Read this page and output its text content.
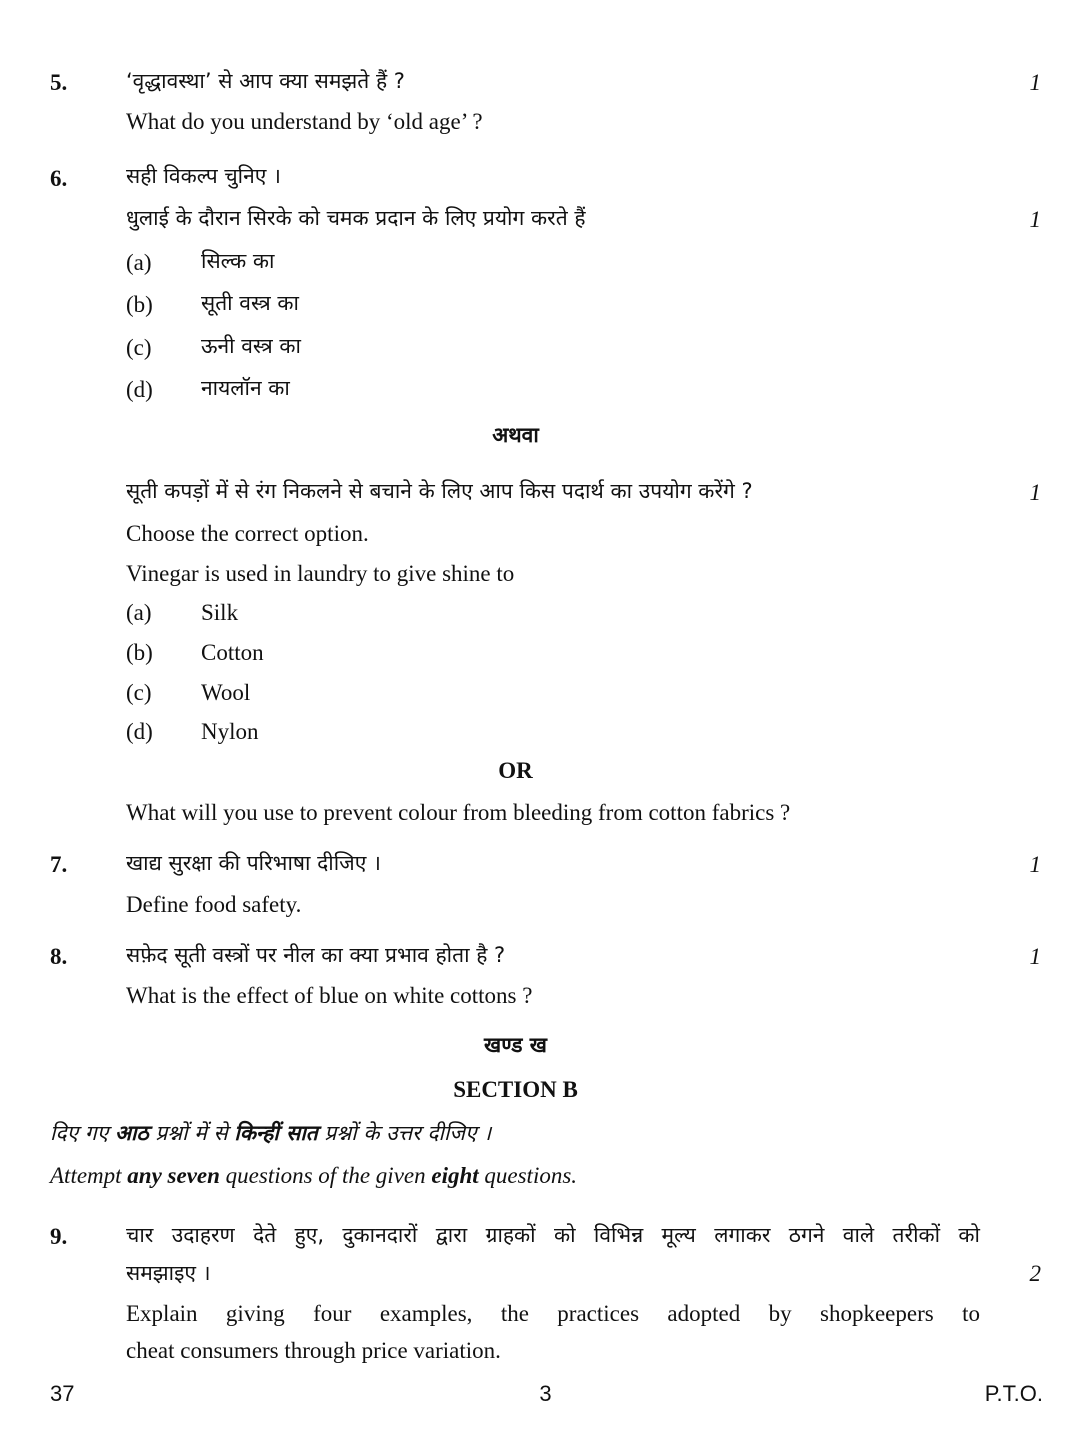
5.	‘वृद्धावस्था’ से आप क्या समझते हैं ?	1
What do you understand by ‘old age’ ?
6.	सही विकल्प चुनिए ।
धुलाई के दौरान सिरके को चमक प्रदान के लिए प्रयोग करते हैं	1
(a) सिल्क का
(b) सूती वस्त्र का
(c) ऊनी वस्त्र का
(d) नायलॉन का
अथवा
सूती कपड़ों में से रंग निकलने से बचाने के लिए आप किस पदार्थ का उपयोग करेंगे ?	1
Choose the correct option.
Vinegar is used in laundry to give shine to
(a) Silk
(b) Cotton
(c) Wool
(d) Nylon
OR
What will you use to prevent colour from bleeding from cotton fabrics ?
7.	खाद्य सुरक्षा की परिभाषा दीजिए ।	1
Define food safety.
8.	सफ़ेद सूती वस्त्रों पर नील का क्या प्रभाव होता है ?	1
What is the effect of blue on white cottons ?
खण्ड ख
SECTION B
दिए गए आठ प्रश्नों में से किन्हीं सात प्रश्नों के उत्तर दीजिए ।
Attempt any seven questions of the given eight questions.
9.	चार उदाहरण देते हुए, दुकानदारों द्वारा ग्राहकों को विभिन्न मूल्य लगाकर ठगने वाले तरीकों को
समझाइए ।	2
Explain giving four examples, the practices adopted by shopkeepers to
cheat consumers through price variation.
37	3	P.T.O.
